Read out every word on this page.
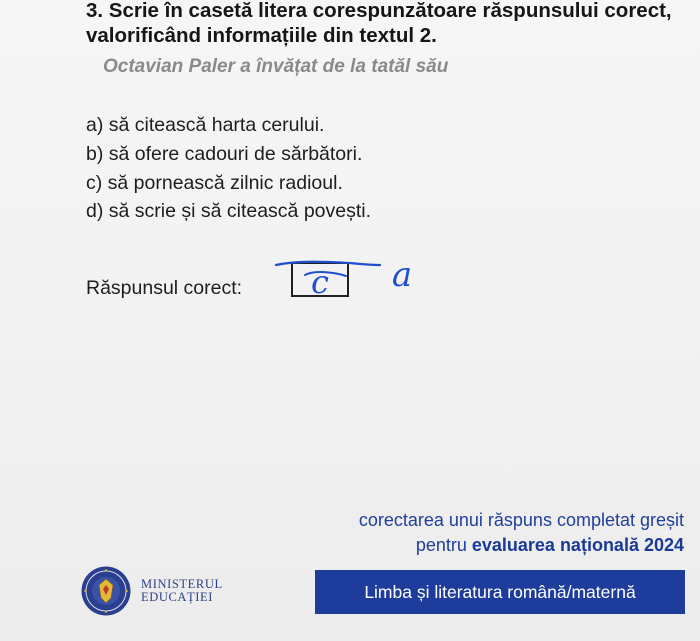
3. Scrie în casetă litera corespunzătoare răspunsului corect, valorificând informațiile din textul 2.
Octavian Paler a învățat de la tatăl său
a) să citească harta cerului.
b) să ofere cadouri de sărbători.
c) să pornească zilnic radioul.
d) să scrie și să citească povești.
Răspunsul corect: c a
corectarea unui răspuns completat greșit
pentru evaluarea națională 2024
MINISTERUL
EDUCAȚIEI	Limba și literatura română/maternă
